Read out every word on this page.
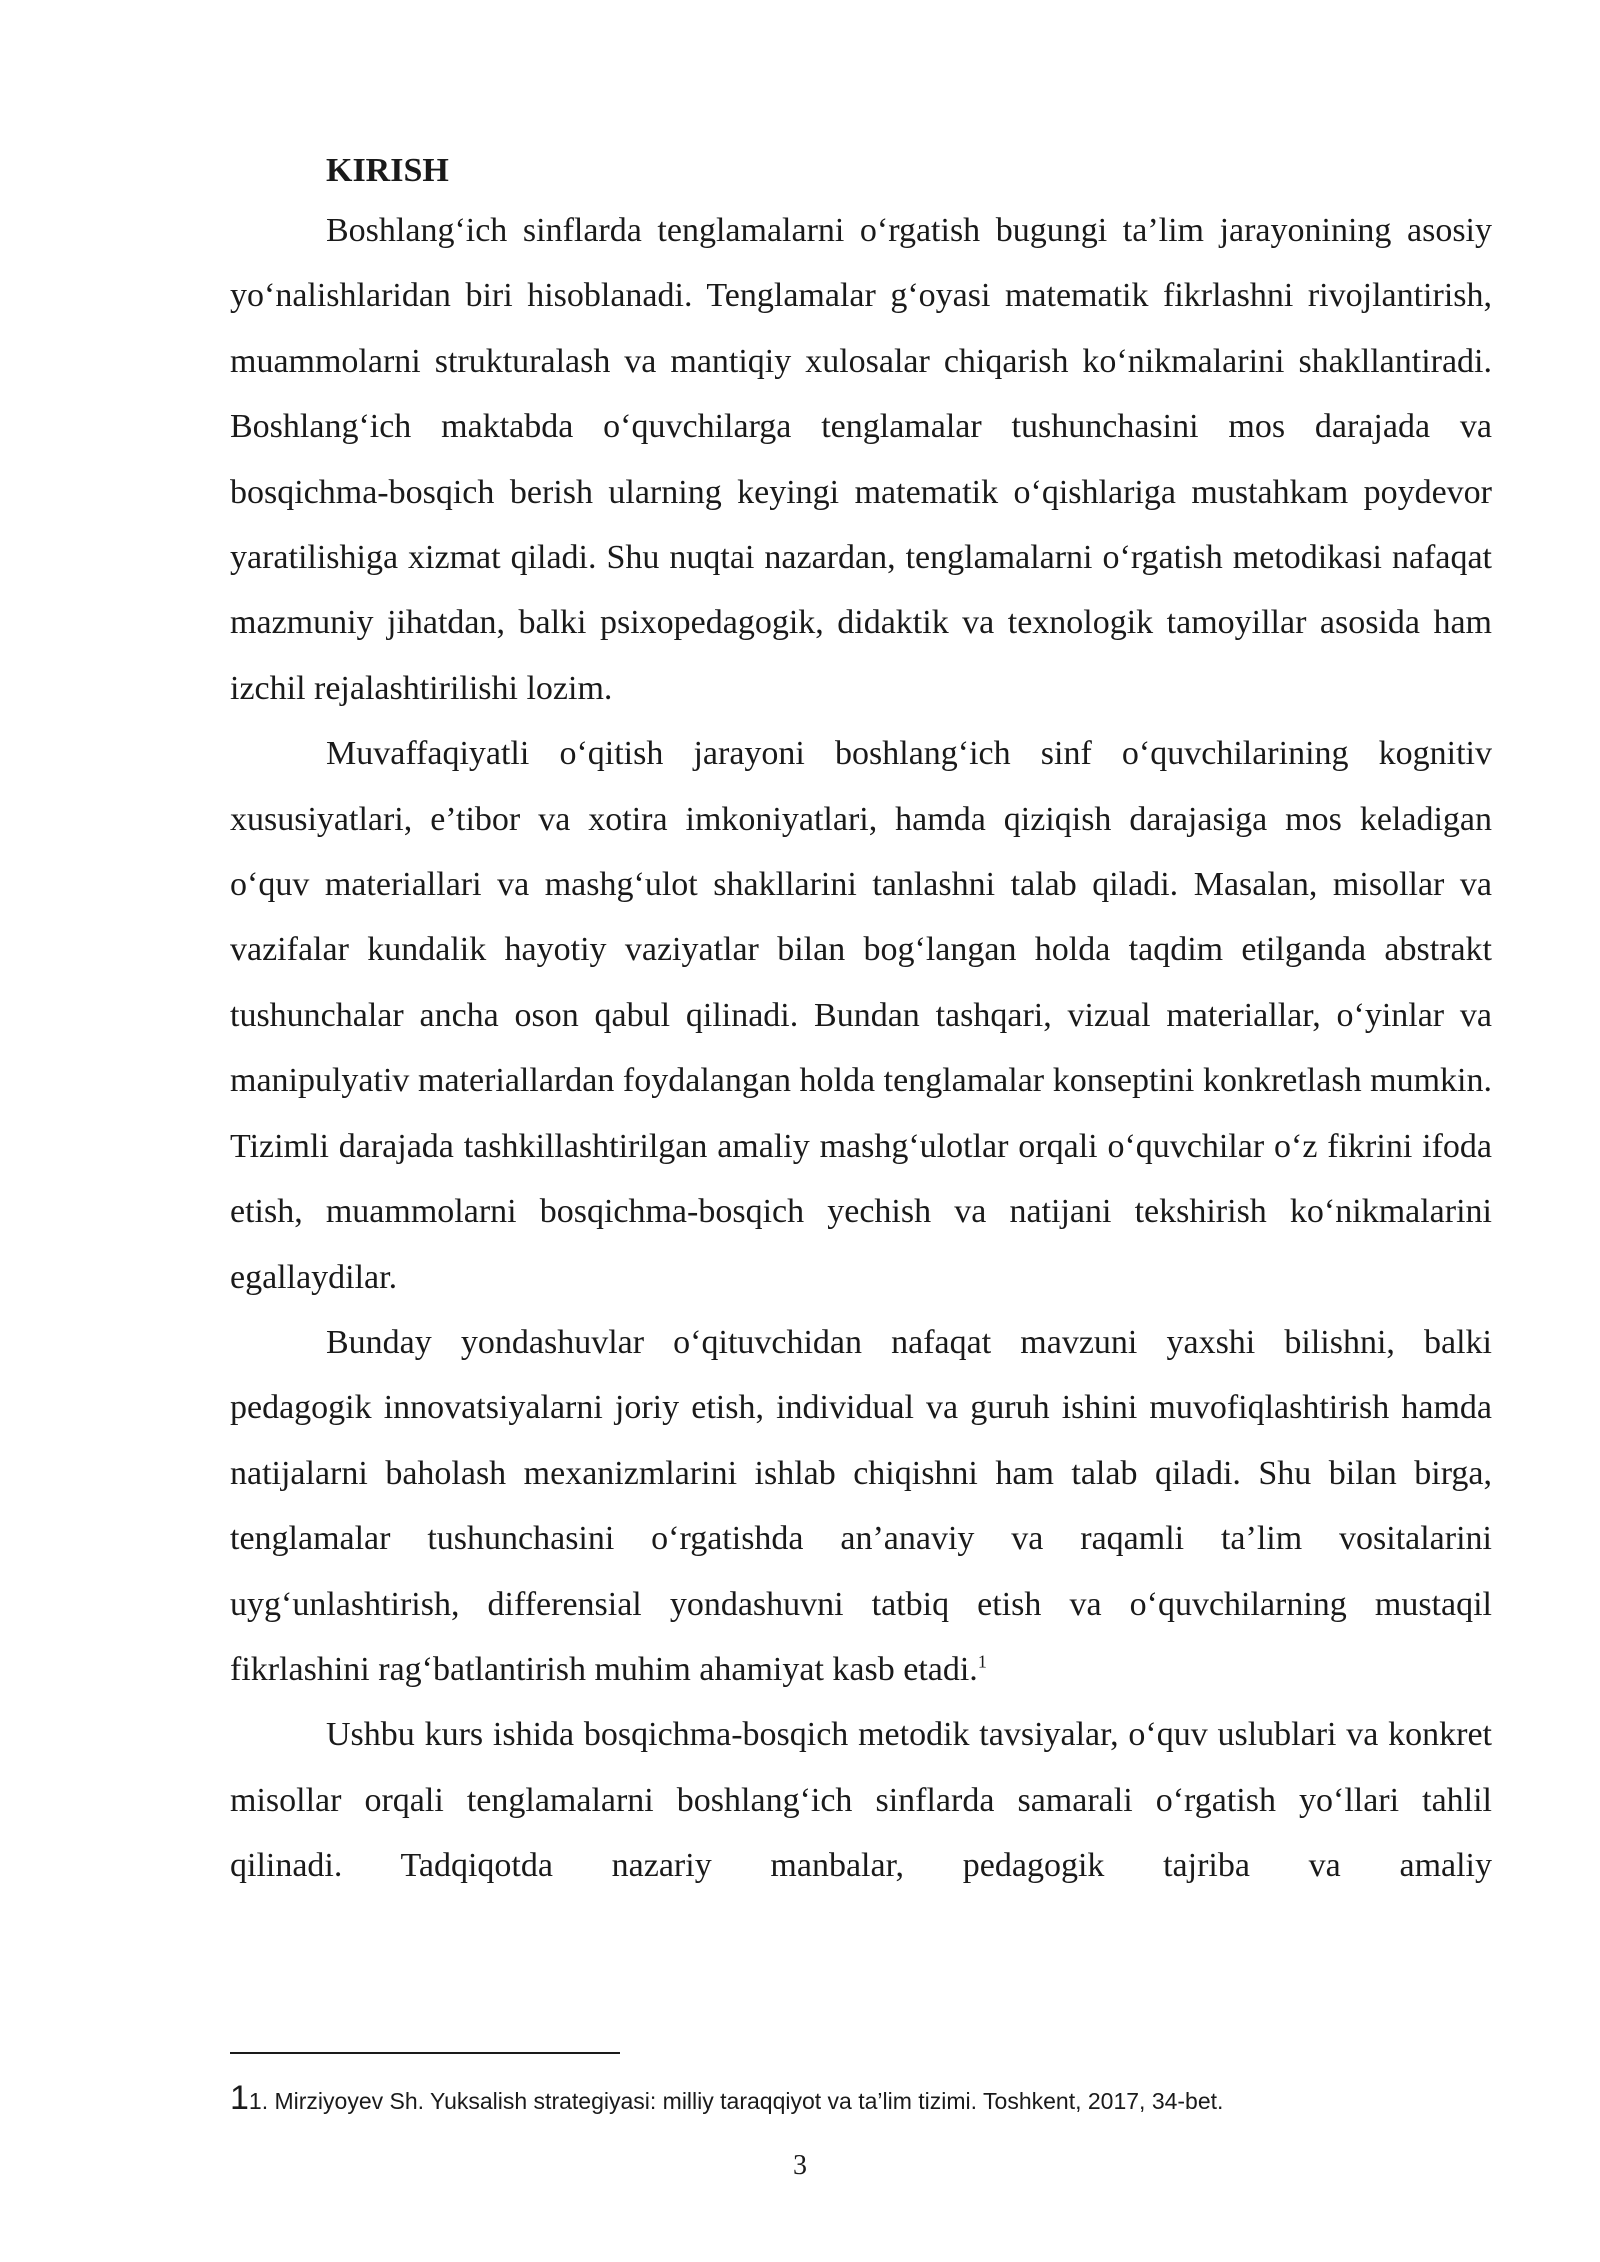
KIRISH

Boshlang‘ich sinflarda tenglamalarni o‘rgatish bugungi ta’lim jarayonining asosiy yo‘nalishlaridan biri hisoblanadi. Tenglamalar g‘oyasi matematik fikrlashni rivojlantirish, muammolarni strukturalash va mantiqiy xulosalar chiqarish ko‘nikmalarini shakllantiradi. Boshlang‘ich maktabda o‘quvchilarga tenglamalar tushunchasini mos darajada va bosqichma-bosqich berish ularning keyingi matematik o‘qishlariga mustahkam poydevor yaratilishiga xizmat qiladi. Shu nuqtai nazardan, tenglamalarni o‘rgatish metodikasi nafaqat mazmuniy jihatdan, balki psixopedagogik, didaktik va texnologik tamoyillar asosida ham izchil rejalashtirilishi lozim.

Muvaffaqiyatli o‘qitish jarayoni boshlang‘ich sinf o‘quvchilarining kognitiv xususiyatlari, e’tibor va xotira imkoniyatlari, hamda qiziqish darajasiga mos keladigan o‘quv materiallari va mashg‘ulot shakllarini tanlashni talab qiladi. Masalan, misollar va vazifalar kundalik hayotiy vaziyatlar bilan bog‘langan holda taqdim etilganda abstrakt tushunchalar ancha oson qabul qilinadi. Bundan tashqari, vizual materiallar, o‘yinlar va manipulyativ materiallardan foydalangan holda tenglamalar konseptini konkretlash mumkin. Tizimli darajada tashkillashtirilgan amaliy mashg‘ulotlar orqali o‘quvchilar o‘z fikrini ifoda etish, muammolarni bosqichma-bosqich yechish va natijani tekshirish ko‘nikmalarini egallaydilar.

Bunday yondashuvlar o‘qituvchidan nafaqat mavzuni yaxshi bilishni, balki pedagogik innovatsiyalarni joriy etish, individual va guruh ishini muvofiqlashtirish hamda natijalarni baholash mexanizmlarini ishlab chiqishni ham talab qiladi. Shu bilan birga, tenglamalar tushunchasini o‘rgatishda an’anaviy va raqamli ta’lim vositalarini uyg‘unlashtirish, differensial yondashuvni tatbiq etish va o‘quvchilarning mustaqil fikrlashini rag‘batlantirish muhim ahamiyat kasb etadi.$^1$

Ushbu kurs ishida bosqichma-bosqich metodik tavsiyalar, o‘quv uslublari va konkret misollar orqali tenglamalarni boshlang‘ich sinflarda samarali o‘rgatish yo‘llari tahlil qilinadi. Tadqiqotda nazariy manbalar, pedagogik tajriba va amaliy

11. Mirziyoyev Sh. Yuksalish strategiyasi: milliy taraqqiyot va ta’lim tizimi. Toshkent, 2017, 34-bet.
3
